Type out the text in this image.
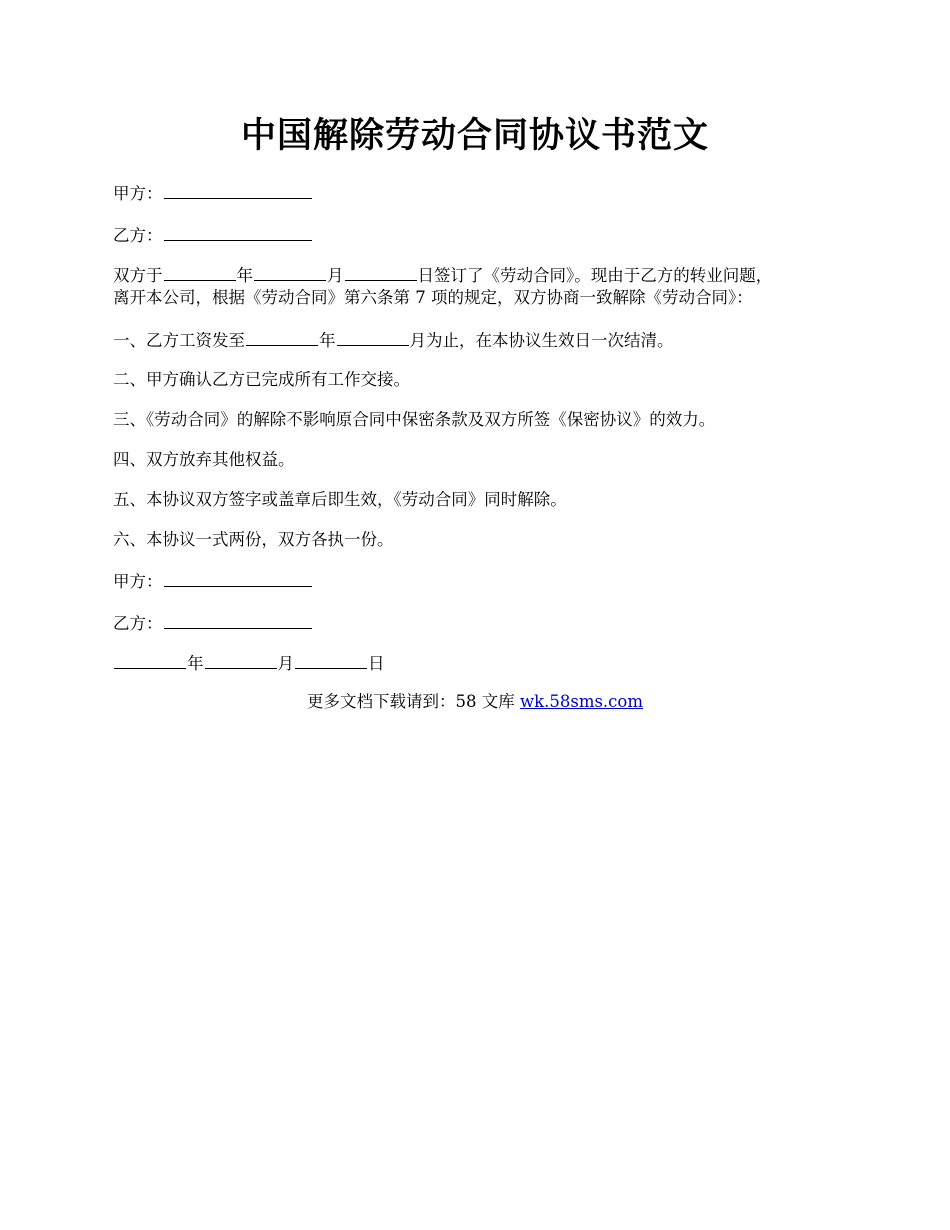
中国解除劳动合同协议书范文
甲方：
乙方：
双方于	年	月	日签订了《劳动合同》。现由于乙方的转业问题，
离开本公司，根据《劳动合同》第六条第 7 项的规定，双方协商一致解除《劳动合同》：
一、乙方工资发至	年	月为止，在本协议生效日一次结清。
二、甲方确认乙方已完成所有工作交接。
三、《劳动合同》的解除不影响原合同中保密条款及双方所签《保密协议》的效力。
四、双方放弃其他权益。
五、本协议双方签字或盖章后即生效，《劳动合同》同时解除。
六、本协议一式两份，双方各执一份。
甲方：
乙方：
年	月	日
更多文档下载请到：58 文库 wk.58sms.com
